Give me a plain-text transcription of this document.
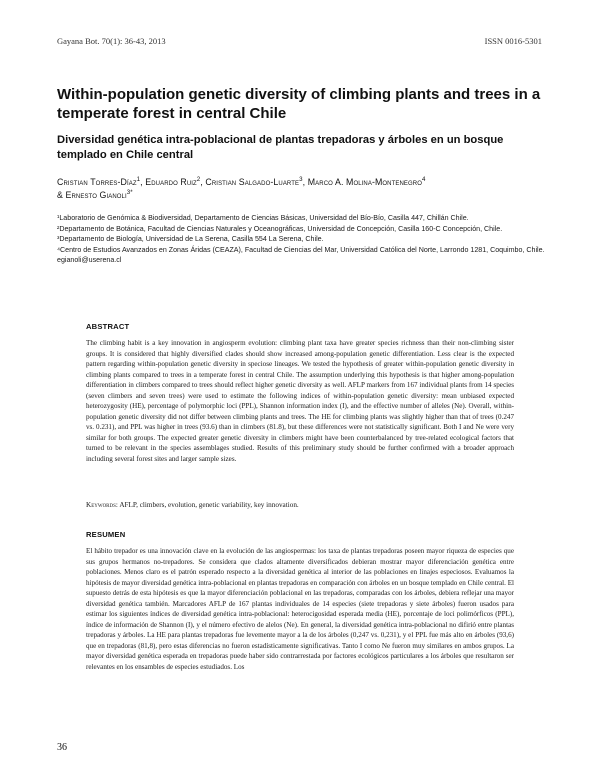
Gayana Bot. 70(1): 36-43, 2013	ISSN 0016-5301
Within-population genetic diversity of climbing plants and trees in a temperate forest in central Chile
Diversidad genética intra-poblacional de plantas trepadoras y árboles en un bosque templado en Chile central

Cristian Torres-Díaz$^1$, Eduardo Ruiz$^2$, Cristian Salgado-Luarte$^3$, Marco A. Molina-Montenegro$^4$
& Ernesto Gianoli$^{3*}$

¹Laboratorio de Genómica & Biodiversidad, Departamento de Ciencias Básicas, Universidad del Bío-Bío, Casilla 447, Chillán Chile.

²Departamento de Botánica, Facultad de Ciencias Naturales y Oceanográficas, Universidad de Concepción, Casilla 160-C Concepción, Chile.

³Departamento de Biología, Universidad de La Serena, Casilla 554 La Serena, Chile.

⁴Centro de Estudios Avanzados en Zonas Áridas (CEAZA), Facultad de Ciencias del Mar, Universidad Católica del Norte, Larrondo 1281, Coquimbo, Chile.

egianoli@userena.cl

ABSTRACT

The climbing habit is a key innovation in angiosperm evolution: climbing plant taxa have greater species richness than their non-climbing sister groups. It is considered that highly diversified clades should show increased among-population genetic differentiation. Less clear is the expected pattern regarding within-population genetic diversity in speciose lineages. We tested the hypothesis of greater within-population genetic diversity in climbing plants compared to trees in a temperate forest in central Chile. The assumption underlying this hypothesis is that higher among-population differentiation in climbers compared to trees should reflect higher genetic diversity as well. AFLP markers from 167 individual plants from 14 species (seven climbers and seven trees) were used to estimate the following indices of within-population genetic diversity: mean unbiased expected heterozygosity (HE), percentage of polymorphic loci (PPL), Shannon information index (I), and the effective number of alleles (Ne). Overall, within-population genetic diversity did not differ between climbing plants and trees. The HE for climbing plants was slightly higher than that of trees (0.247 vs. 0.231), and PPL was higher in trees (93.6) than in climbers (81.8), but these differences were not statistically significant. Both I and Ne were very similar for both groups. The expected greater genetic diversity in climbers might have been counterbalanced by tree-related ecological factors that turned to be relevant in the species assemblages studied. Results of this preliminary study should be further confirmed with a broader approach including several forest sites and larger sample sizes.

Keywords: AFLP, climbers, evolution, genetic variability, key innovation.

RESUMEN

El hábito trepador es una innovación clave en la evolución de las angiospermas: los taxa de plantas trepadoras poseen mayor riqueza de especies que sus grupos hermanos no-trepadores. Se considera que clados altamente diversificados debieran mostrar mayor diferenciación genética entre poblaciones. Menos claro es el patrón esperado respecto a la diversidad genética al interior de las poblaciones en linajes especiosos. Evaluamos la hipótesis de mayor diversidad genética intra-poblacional en plantas trepadoras en comparación con árboles en un bosque templado en Chile central. El supuesto detrás de esta hipótesis es que la mayor diferenciación poblacional en las trepadoras, comparadas con los árboles, debiera reflejar una mayor diversidad genética también. Marcadores AFLP de 167 plantas individuales de 14 especies (siete trepadoras y siete árboles) fueron usados para estimar los siguientes índices de diversidad genética intra-poblacional: heterocigosidad esperada media (HE), porcentaje de loci polimórficos (PPL), índice de información de Shannon (I), y el número efectivo de alelos (Ne). En general, la diversidad genética intra-poblacional no difirió entre plantas trepadoras y árboles. La HE para plantas trepadoras fue levemente mayor a la de los árboles (0,247 vs. 0,231), y el PPL fue más alto en árboles (93,6) que en trepadoras (81,8), pero estas diferencias no fueron estadísticamente significativas. Tanto I como Ne fueron muy similares en ambos grupos. La mayor diversidad genética esperada en trepadoras puede haber sido contrarrestada por factores ecológicos particulares a los árboles que resultaron ser relevantes en los ensambles de especies estudiados. Los

36
